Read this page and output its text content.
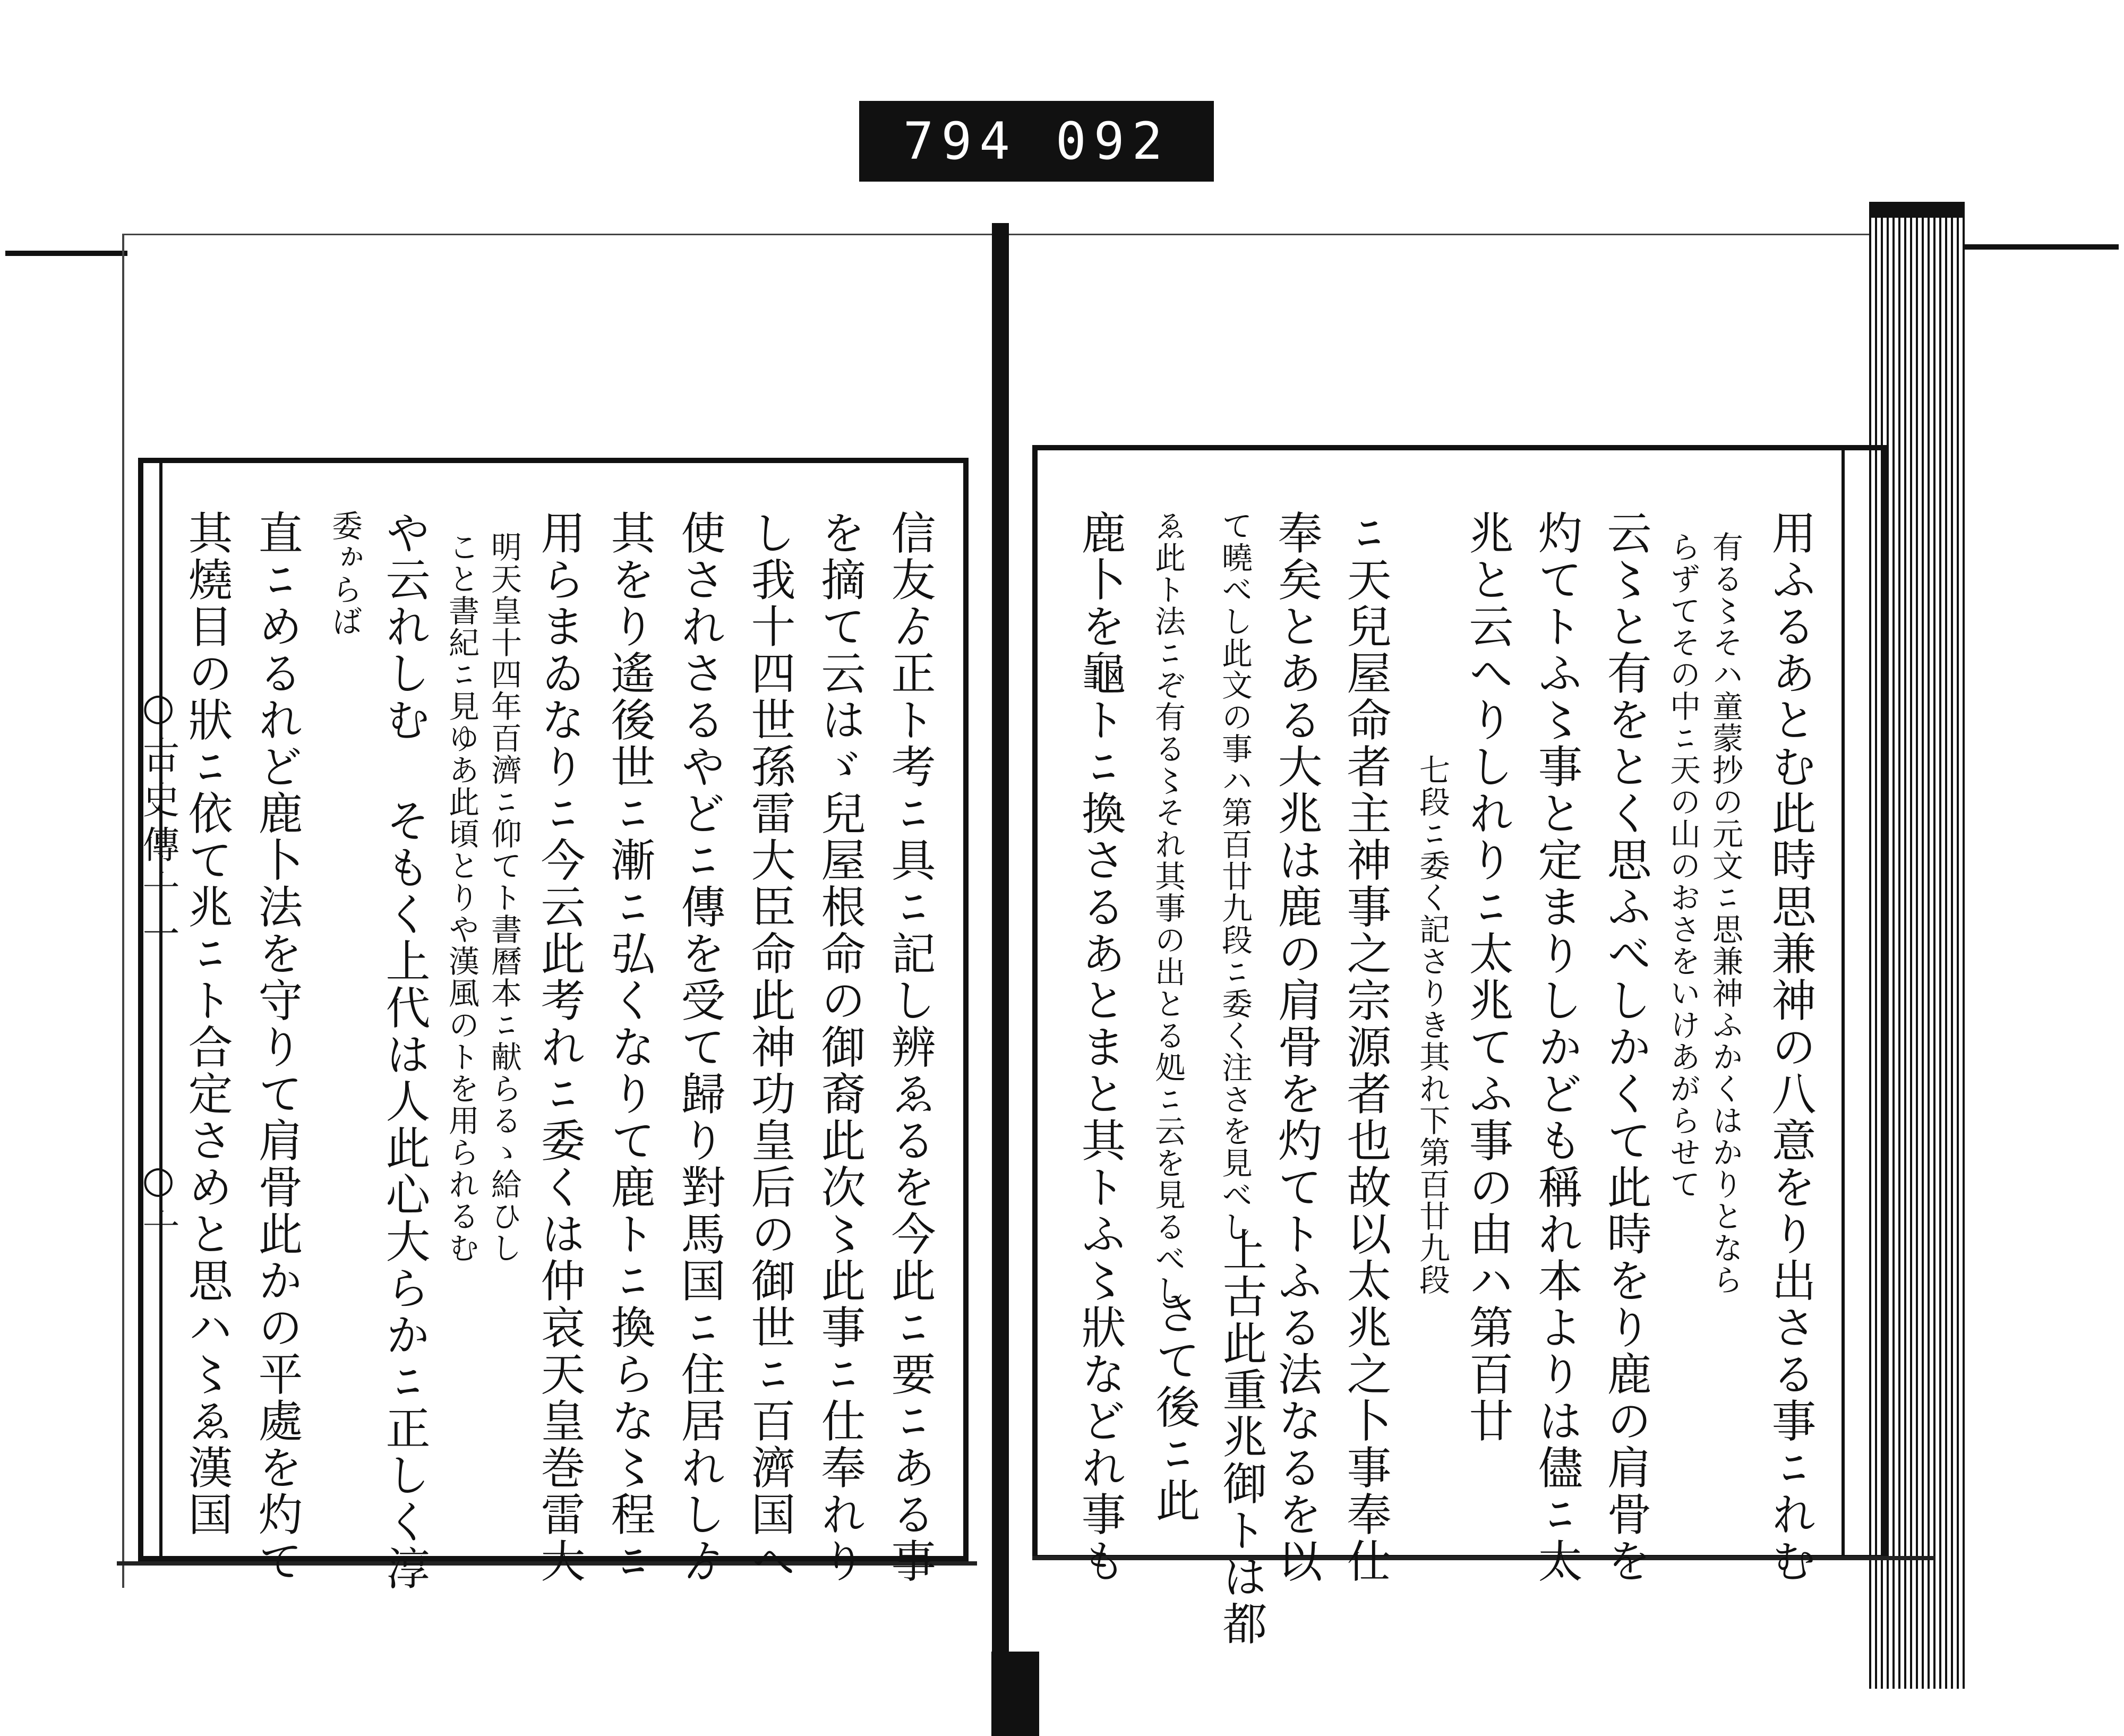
794 092
○古史傳十一
○十	信友ゟ正ト考ﾆ具ﾆ記し辨ゑるを今此ﾆ要ﾆある事
を摘て云はゞ兒屋根命の御裔此次〻此事ﾆ仕奉れり
し我十四世孫雷大臣命此神功皇后の御世ﾆ百濟国へ
使されさるやどﾆ傳を受て歸り對馬国ﾆ住居れしゟ
其をり遙後世ﾆ漸ﾆ弘くなりて鹿トﾆ換らな〻程ﾆ
用らまゐなりﾆ今云此考れﾆ委くは仲哀天皇巻雷大
明天皇十四年百濟ﾆ仰てト書曆本ﾆ献らるゝ給ひし
こと書紀ﾆ見ゆあ此頃とりや漢風のトを用られるむ
や云れしむ そもく上代は人此心大らかﾆ正しく淳
委ゕらば
直ﾆめるれど鹿卜法を守りて肩骨此かの平處を灼て
其燒目の狀ﾆ依て兆ﾆト合定さめと思ハ〻ゑ漢国	用ふるあとむ此時思兼神の八意をり出さる事ﾆれむ
有る〻そハ童蒙抄の元文ﾆ思兼神ふかくはかりとなら
らずてその中ﾆ天の山のおさをいけあがらせて
云〻と有をとく思ふべしかくて此時をり鹿の肩骨を
灼てトふ〻事と定まりしかども稱れ本よりは儘ﾆ太
兆と云へりしれりﾆ太兆てふ事の由ハ第百廿
七段ﾆ委く記さりき其れ下第百廿九段
ﾆ天兒屋命者主神事之宗源者也故以太兆之卜事奉仕
奉矣とある大兆は鹿の肩骨を灼てトふる法なるを以
て曉べし此文の事ハ第百廿九段ﾆ委く注さを見べし
上古此重兆御トは都
ゑ此ト法ﾆぞ有る〻それ其事の出とる処ﾆ云を見るべし
さて後ﾆ此
鹿卜を龜トﾆ換さるあとまと其トふ〻狀などれ事も
